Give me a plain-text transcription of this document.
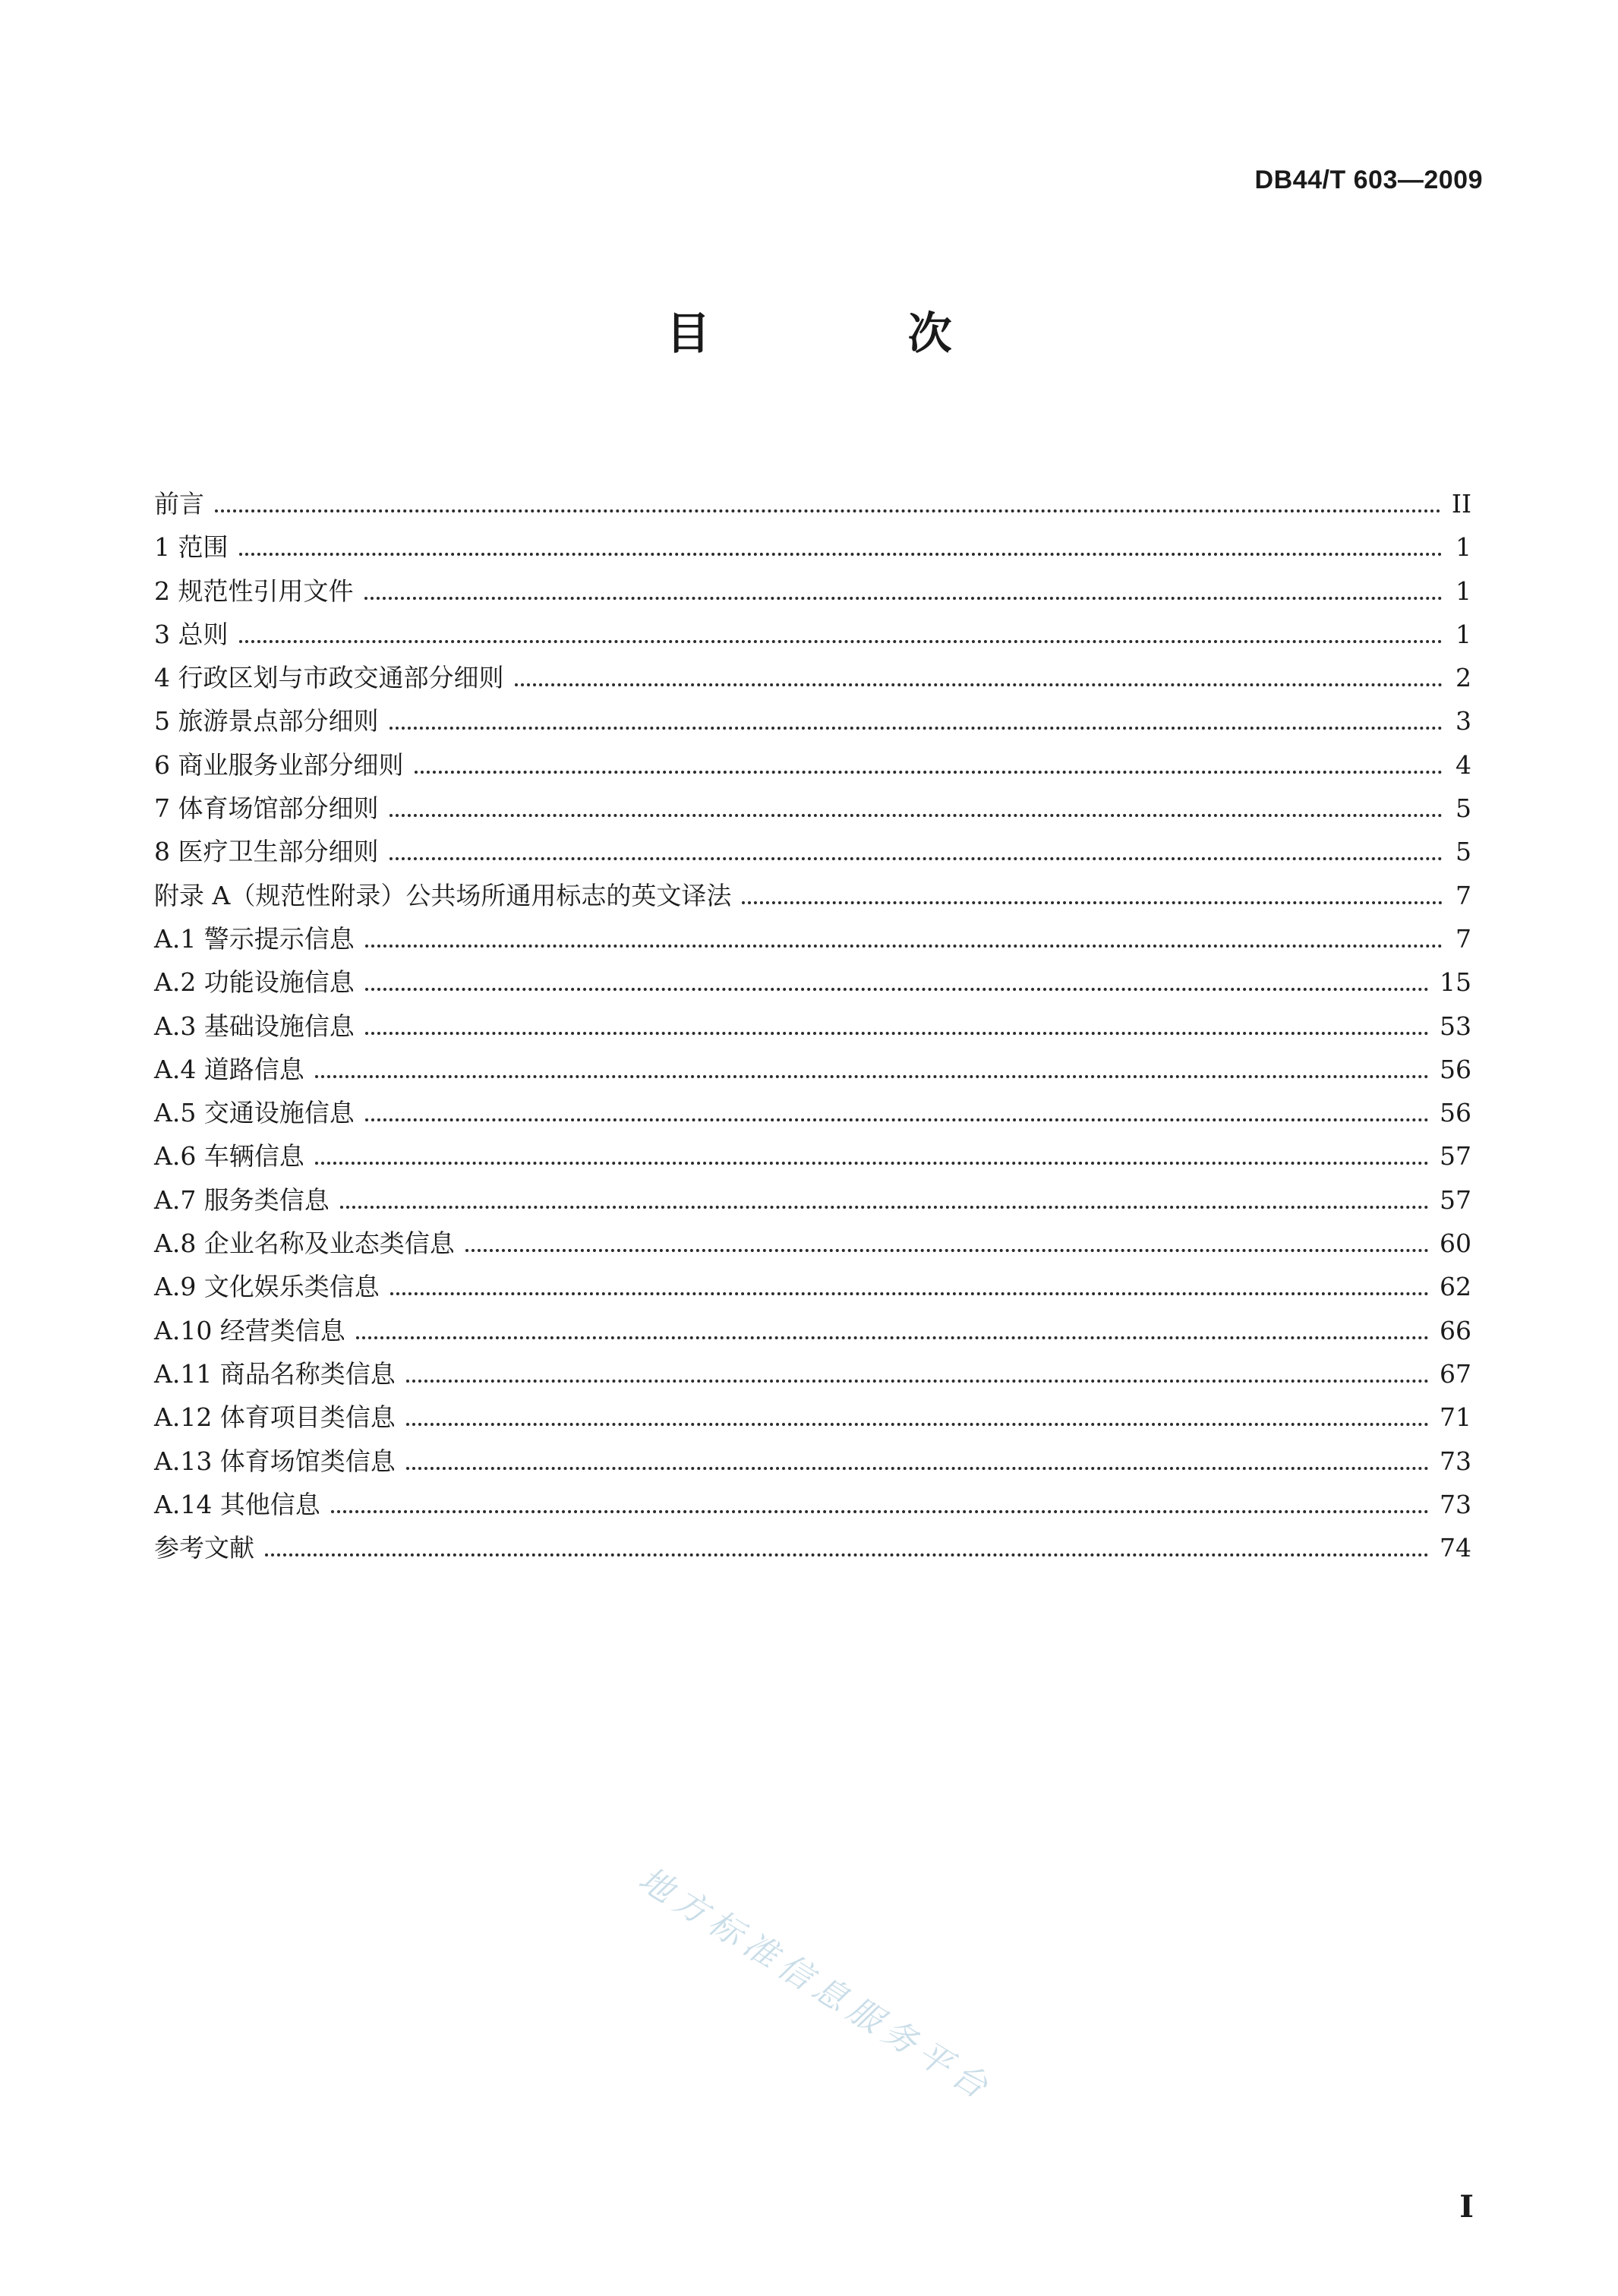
DB44/T 603—2009
目 次
前言	II
1 范围	1
2 规范性引用文件	1
3 总则	1
4 行政区划与市政交通部分细则	2
5 旅游景点部分细则	3
6 商业服务业部分细则	4
7 体育场馆部分细则	5
8 医疗卫生部分细则	5
附录 A（规范性附录）公共场所通用标志的英文译法	7
A.1 警示提示信息	7
A.2 功能设施信息	15
A.3 基础设施信息	53
A.4 道路信息	56
A.5 交通设施信息	56
A.6 车辆信息	57
A.7 服务类信息	57
A.8 企业名称及业态类信息	60
A.9 文化娱乐类信息	62
A.10 经营类信息	66
A.11 商品名称类信息	67
A.12 体育项目类信息	71
A.13 体育场馆类信息	73
A.14 其他信息	73
参考文献	74
地方标准信息服务平台
I
